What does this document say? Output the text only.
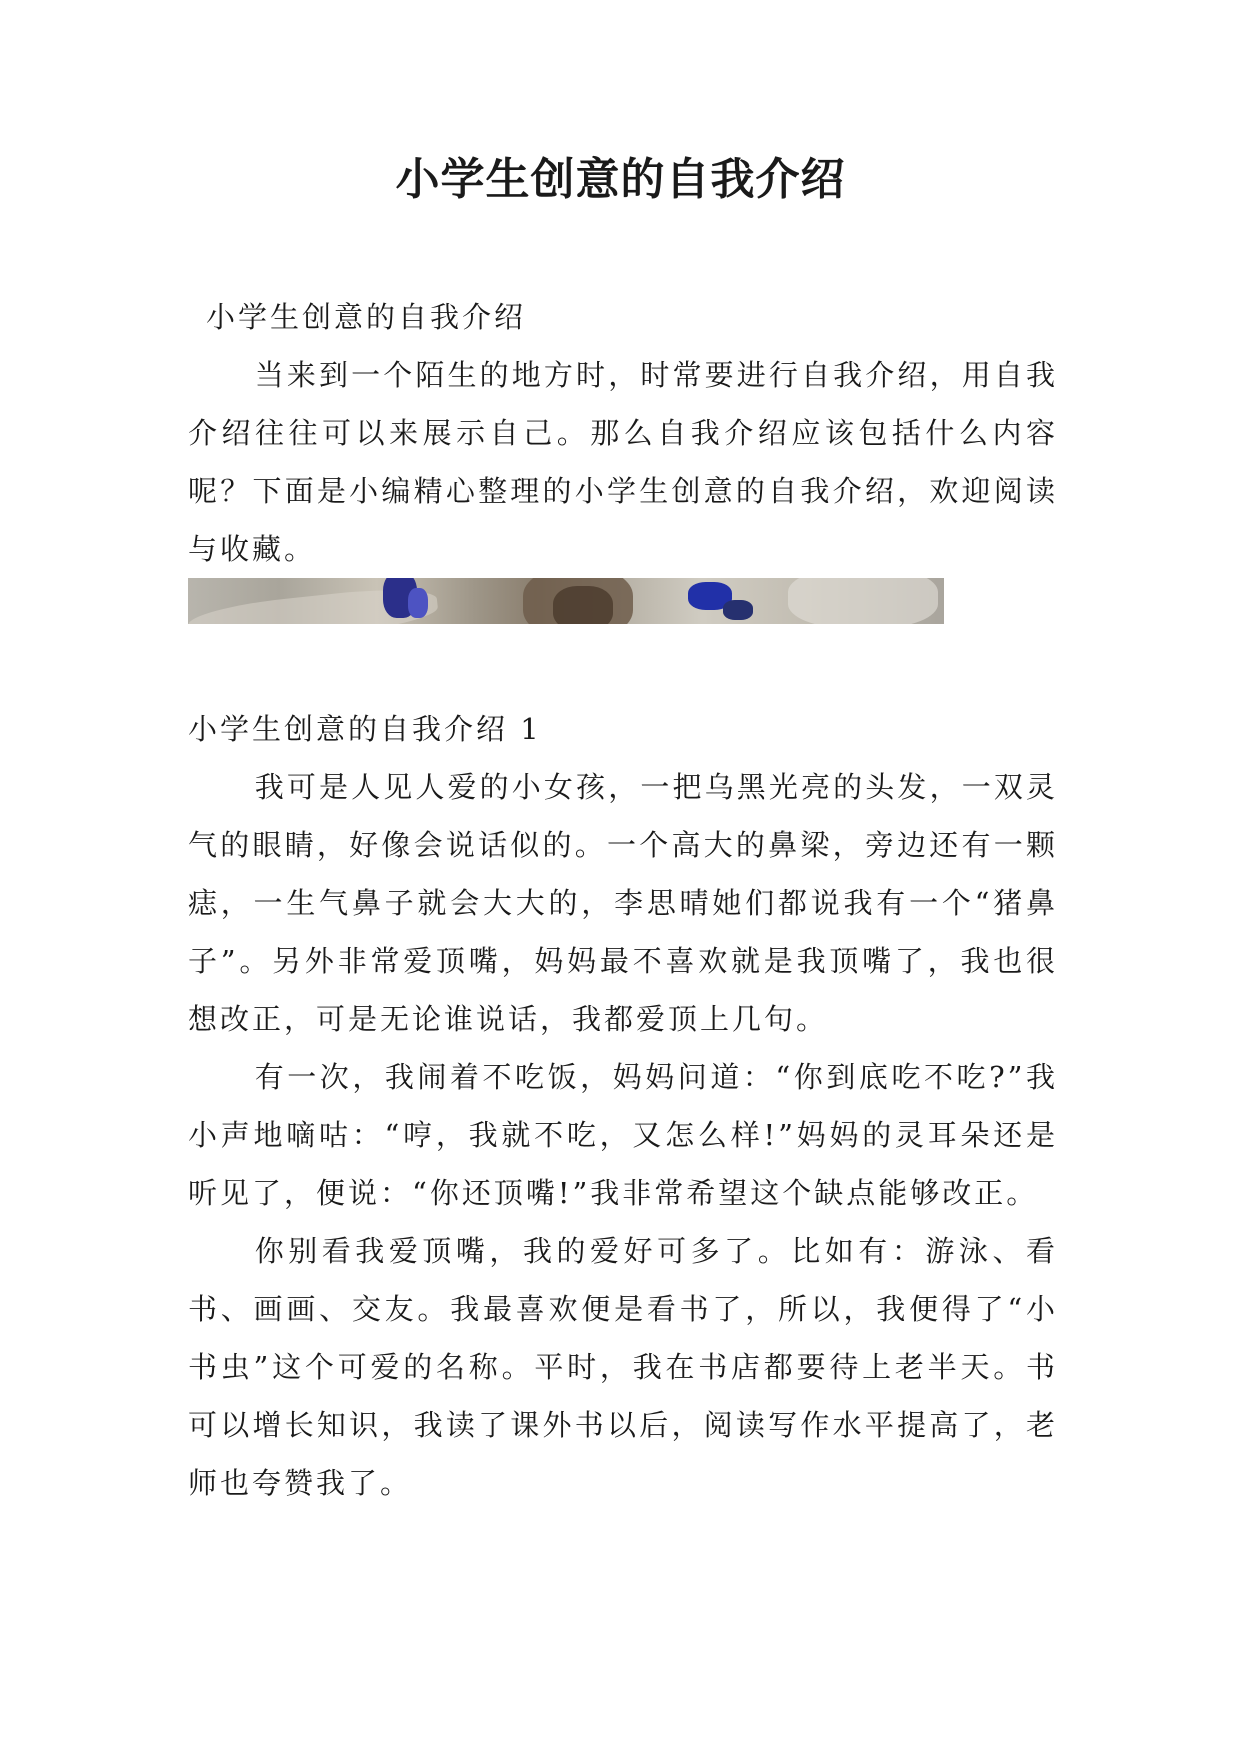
小学生创意的自我介绍
小学生创意的自我介绍

当来到一个陌生的地方时，时常要进行自我介绍，用自我介绍往往可以来展示自己。那么自我介绍应该包括什么内容呢？下面是小编精心整理的小学生创意的自我介绍，欢迎阅读与收藏。

小学生创意的自我介绍 1

我可是人见人爱的小女孩，一把乌黑光亮的头发，一双灵气的眼睛，好像会说话似的。一个高大的鼻梁，旁边还有一颗痣，一生气鼻子就会大大的，李思晴她们都说我有一个“猪鼻子”。另外非常爱顶嘴，妈妈最不喜欢就是我顶嘴了，我也很想改正，可是无论谁说话，我都爱顶上几句。

有一次，我闹着不吃饭，妈妈问道：“你到底吃不吃?”我小声地嘀咕：“哼，我就不吃，又怎么样!”妈妈的灵耳朵还是听见了，便说：“你还顶嘴!”我非常希望这个缺点能够改正。

你别看我爱顶嘴，我的爱好可多了。比如有：游泳、看书、画画、交友。我最喜欢便是看书了，所以，我便得了“小书虫”这个可爱的名称。平时，我在书店都要待上老半天。书可以增长知识，我读了课外书以后，阅读写作水平提高了，老师也夸赞我了。
